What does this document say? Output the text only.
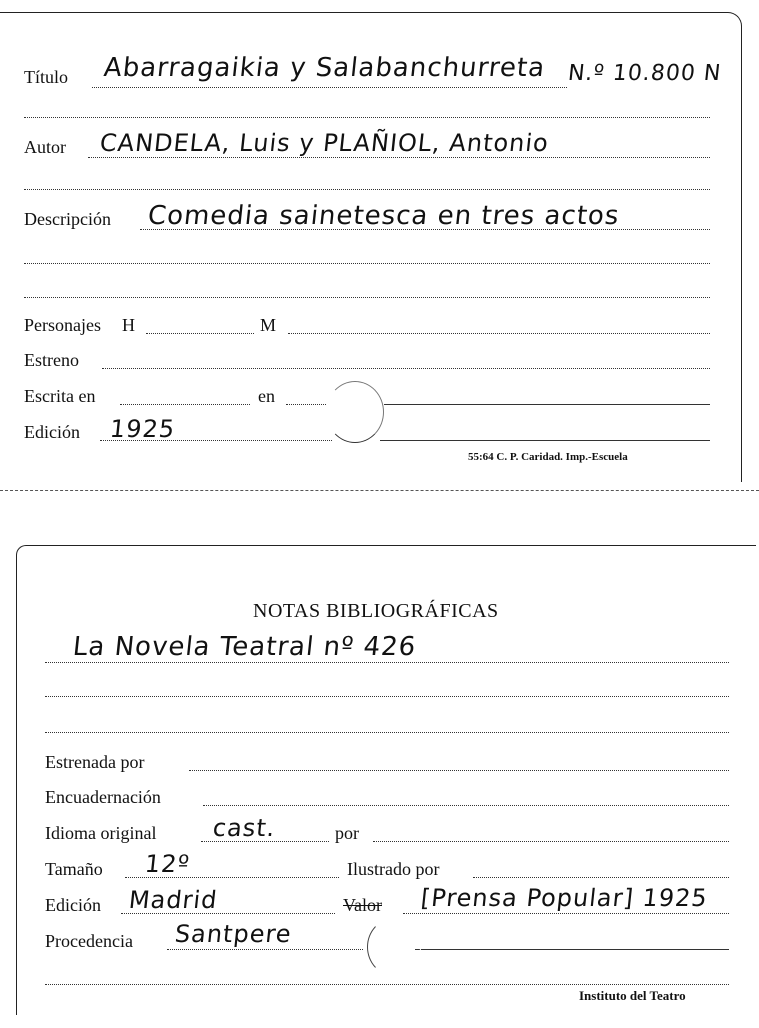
Título Abarragaikia y Salabanchurreta N.º 10.800 N
Autor CANDELA, Luis y PLAÑIOL, Antonio
Descripción Comedia sainetesca en tres actos
Personajes H	M
Estreno
Escrita en	en
Edición 1925
55:64 C. P. Caridad. Imp.-Escuela
NOTAS BIBLIOGRÁFICAS
La Novela Teatral nº 426
Estrenada por
Encuadernación
Idioma original cast.	por
Tamaño 12º	Ilustrado por
Edición Madrid	Valor [Prensa Popular] 1925
Procedencia Santpere
Instituto del Teatro
